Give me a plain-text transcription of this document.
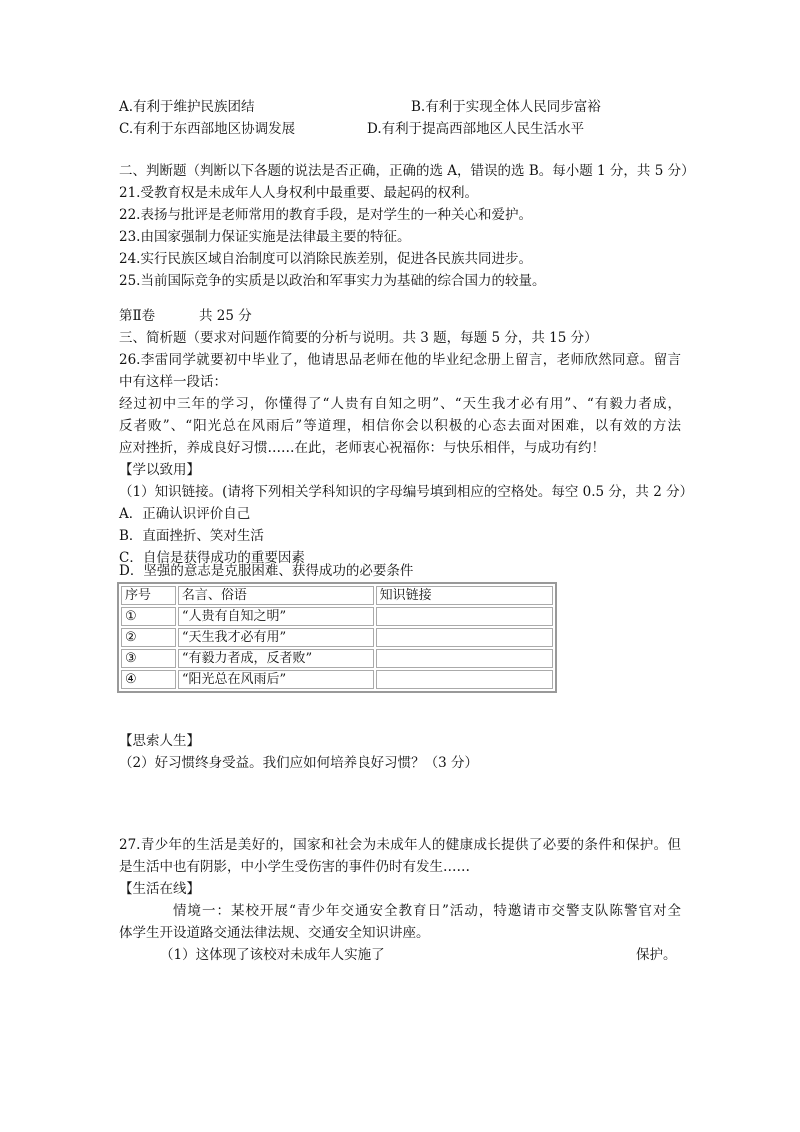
A.有利于维护民族团结	B.有利于实现全体人民同步富裕
C.有利于东西部地区协调发展	D.有利于提高西部地区人民生活水平
二、判断题（判断以下各题的说法是否正确，正确的选 A，错误的选 B。每小题 1 分，共 5 分）
21.受教育权是未成年人人身权利中最重要、最起码的权利。
22.表扬与批评是老师常用的教育手段，是对学生的一种关心和爱护。
23.由国家强制力保证实施是法律最主要的特征。
24.实行民族区域自治制度可以消除民族差别，促进各民族共同进步。
25.当前国际竞争的实质是以政治和军事实力为基础的综合国力的较量。
第Ⅱ卷	共 25 分
三、简析题（要求对问题作简要的分析与说明。共 3 题，每题 5 分，共 15 分）
26.李雷同学就要初中毕业了，他请思品老师在他的毕业纪念册上留言，老师欣然同意。留言
中有这样一段话：
经过初中三年的学习，你懂得了“人贵有自知之明”、“天生我才必有用”、“有毅力者成，
反者败”、“阳光总在风雨后”等道理，相信你会以积极的心态去面对困难，以有效的方法
应对挫折，养成良好习惯……在此，老师衷心祝福你：与快乐相伴，与成功有约！
【学以致用】
（1）知识链接。(请将下列相关学科知识的字母编号填到相应的空格处。每空 0.5 分，共 2 分）
A．正确认识评价自己
B．直面挫折、笑对生活
C．自信是获得成功的重要因素
D．坚强的意志是克服困难、获得成功的必要条件
序号	名言、俗语	知识链接
①	“人贵有自知之明”	
②	“天生我才必有用”	
③	“有毅力者成，反者败”	
④	“阳光总在风雨后”	
【思索人生】
（2）好习惯终身受益。我们应如何培养良好习惯？（3 分）
27.青少年的生活是美好的，国家和社会为未成年人的健康成长提供了必要的条件和保护。但
是生活中也有阴影，中小学生受伤害的事件仍时有发生……
【生活在线】
情境一：某校开展“青少年交通安全教育日”活动，特邀请市交警支队陈警官对全
体学生开设道路交通法律法规、交通安全知识讲座。
（1）这体现了该校对未成年人实施了	保护。
